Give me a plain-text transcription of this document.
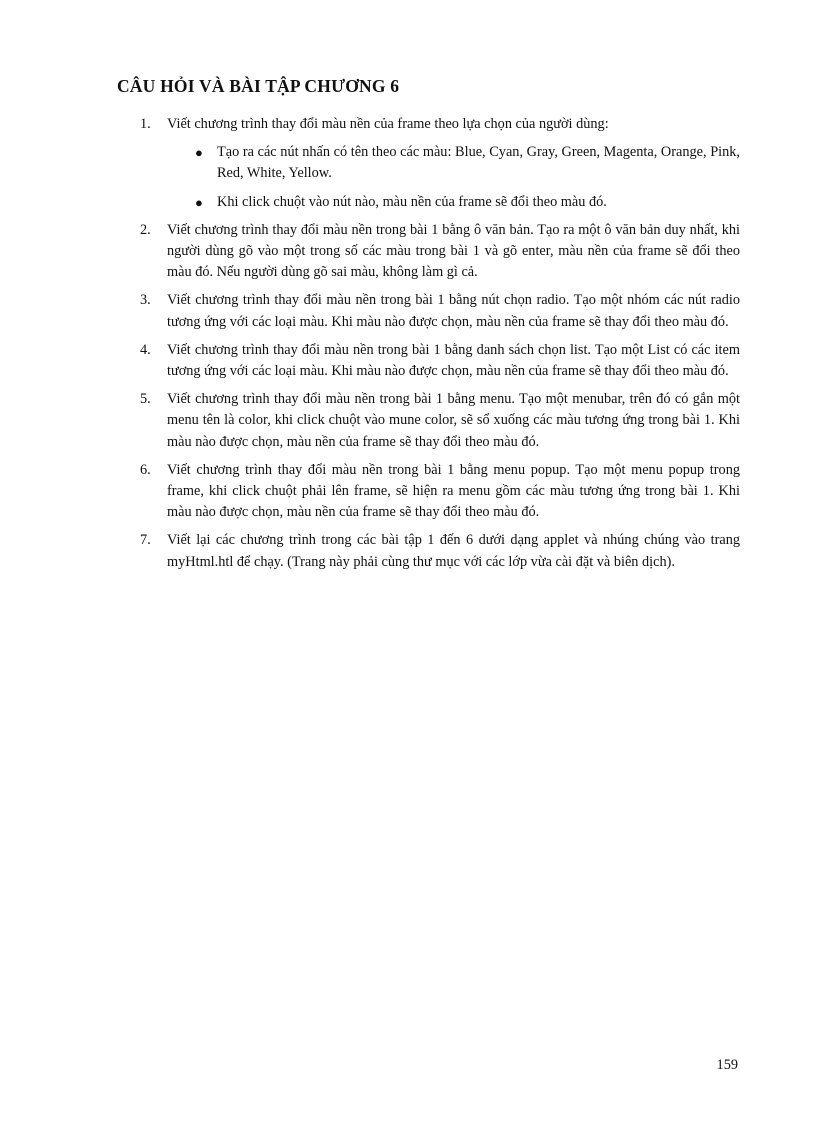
CÂU HỎI VÀ BÀI TẬP CHƯƠNG 6
1. Viết chương trình thay đổi màu nền của frame theo lựa chọn của người dùng:
● Tạo ra các nút nhấn có tên theo các màu: Blue, Cyan, Gray, Green, Magenta, Orange, Pink, Red, White, Yellow.
● Khi click chuột vào nút nào, màu nền của frame sẽ đổi theo màu đó.
2. Viết chương trình thay đổi màu nền trong bài 1 bằng ô văn bản. Tạo ra một ô văn bản duy nhất, khi người dùng gõ vào một trong số các màu trong bài 1 và gõ enter, màu nền của frame sẽ đổi theo màu đó. Nếu người dùng gõ sai màu, không làm gì cả.
3. Viết chương trình thay đổi màu nền trong bài 1 bằng nút chọn radio. Tạo một nhóm các nút radio tương ứng với các loại màu. Khi màu nào được chọn, màu nền của frame sẽ thay đổi theo màu đó.
4. Viết chương trình thay đổi màu nền trong bài 1 bằng danh sách chọn list. Tạo một List có các item tương ứng với các loại màu. Khi màu nào được chọn, màu nền của frame sẽ thay đổi theo màu đó.
5. Viết chương trình thay đổi màu nền trong bài 1 bằng menu. Tạo một menubar, trên đó có gắn một menu tên là color, khi click chuột vào mune color, sẽ sổ xuống các màu tương ứng trong bài 1. Khi màu nào được chọn, màu nền của frame sẽ thay đổi theo màu đó.
6. Viết chương trình thay đổi màu nền trong bài 1 bằng menu popup. Tạo một menu popup trong frame, khi click chuột phải lên frame, sẽ hiện ra menu gồm các màu tương ứng trong bài 1. Khi màu nào được chọn, màu nền của frame sẽ thay đổi theo màu đó.
7. Viết lại các chương trình trong các bài tập 1 đến 6 dưới dạng applet và nhúng chúng vào trang myHtml.htl để chạy. (Trang này phải cùng thư mục với các lớp vừa cài đặt và biên dịch).
159
